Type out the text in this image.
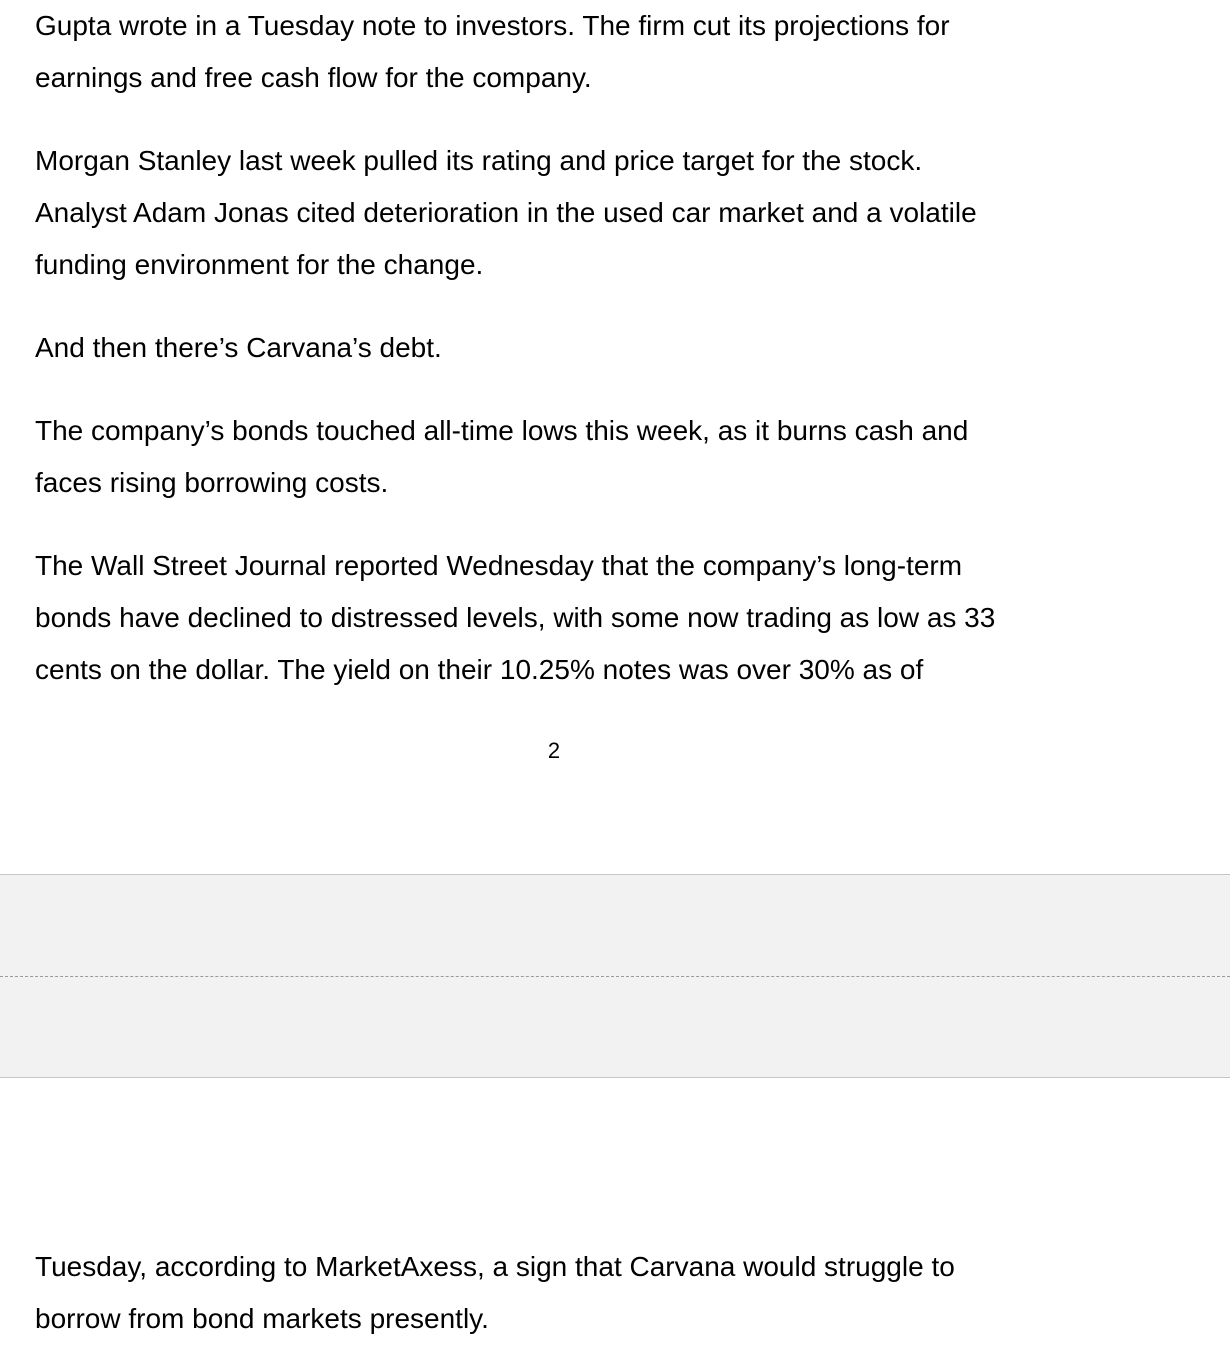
Gupta wrote in a Tuesday note to investors. The firm cut its projections for
earnings and free cash flow for the company.

Morgan Stanley last week pulled its rating and price target for the stock.
Analyst Adam Jonas cited deterioration in the used car market and a volatile
funding environment for the change.

And then there’s Carvana’s debt.

The company’s bonds touched all-time lows this week, as it burns cash and
faces rising borrowing costs.

The Wall Street Journal reported Wednesday that the company’s long-term
bonds have declined to distressed levels, with some now trading as low as 33
cents on the dollar. The yield on their 10.25% notes was over 30% as of

2

Tuesday, according to MarketAxess, a sign that Carvana would struggle to
borrow from bond markets presently.
